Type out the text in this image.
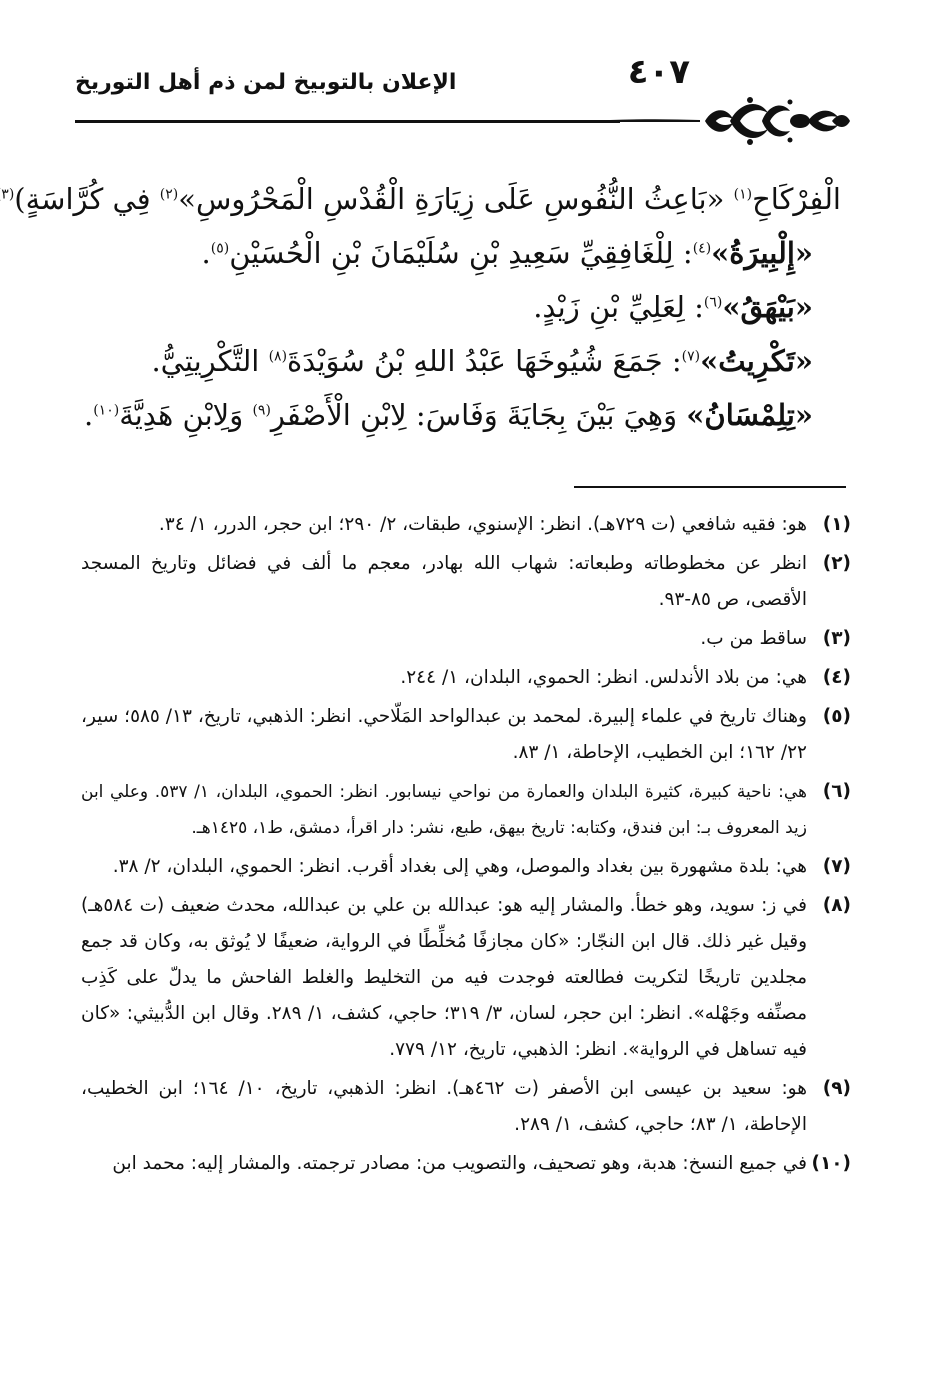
٤٠٧
الإعلان بالتوبيخ لمن ذم أهل التوريخ
الْفِرْكَاحِ$^{(١)}$ «بَاعِثُ النُّفُوسِ عَلَى زِيَارَةِ الْقُدْسِ الْمَحْرُوسِ»$^{(٢)}$ فِي كُرَّاسَةٍ)$^{(٣}$
«إِلْبِيرَةُ»$^{(٤)}$: لِلْغَافِقِيِّ سَعِيدِ بْنِ سُلَيْمَانَ بْنِ الْحُسَيْنِ$^{(٥)}$.
«بَيْهَقُ»$^{(٦)}$: لِعَلِيِّ بْنِ زَيْدٍ.
«تَكْرِيتُ»$^{(٧)}$: جَمَعَ شُيُوخَهَا عَبْدُ اللهِ بْنُ سُوَيْدَةَ$^{(٨)}$ التَّكْرِيتِيُّ.
«تِلِمْسَانُ» وَهِيَ بَيْنَ بِجَايَةَ وَفَاسَ: لِابْنِ الْأَصْفَرِ$^{(٩)}$ وَلِابْنِ هَدِيَّةَ$^{(١٠)}$.
(١)
هو: فقيه شافعي (ت ٧٢٩هـ). انظر: الإسنوي، طبقات، ٢/ ٢٩٠؛ ابن حجر، الدرر، ١/ ٣٤.
(٢)
انظر عن مخطوطاته وطبعاته: شهاب الله بهادر، معجم ما ألف في فضائل وتاريخ المسجد الأقصى، ص ٨٥-٩٣.
(٣)
ساقط من ب.
(٤)
هي: من بلاد الأندلس. انظر: الحموي، البلدان، ١/ ٢٤٤.
(٥)
وهناك تاريخ في علماء إلبيرة. لمحمد بن عبدالواحد المَلّاحي. انظر: الذهبي، تاريخ، ١٣/ ٥٨٥؛ سير، ٢٢/ ١٦٢؛ ابن الخطيب، الإحاطة، ١/ ٨٣.
(٦)
هي: ناحية كبيرة، كثيرة البلدان والعمارة من نواحي نيسابور. انظر: الحموي، البلدان، ١/ ٥٣٧. وعلي ابن زيد المعروف بـ: ابن فندق، وكتابه: تاريخ بيهق، طبع، نشر: دار اقرأ، دمشق، ط١، ١٤٢٥هـ.
(٧)
هي: بلدة مشهورة بين بغداد والموصل، وهي إلى بغداد أقرب. انظر: الحموي، البلدان، ٢/ ٣٨.
(٨)
في ز: سويد، وهو خطأ. والمشار إليه هو: عبدالله بن علي بن عبدالله، محدث ضعيف (ت ٥٨٤هـ) وقيل غير ذلك. قال ابن النجّار: «كان مجازفًا مُخلِّطًا في الرواية، ضعيفًا لا يُوثق به، وكان قد جمع مجلدين تاريخًا لتكريت فطالعته فوجدت فيه من التخليط والغلط الفاحش ما يدلّ على كَذِب مصنِّفه وجَهْله». انظر: ابن حجر، لسان، ٣/ ٣١٩؛ حاجي، كشف، ١/ ٢٨٩. وقال ابن الدُّبيثي: «كان فيه تساهل في الرواية». انظر: الذهبي، تاريخ، ١٢/ ٧٧٩.
(٩)
هو: سعيد بن عيسى ابن الأصفر (ت ٤٦٢هـ). انظر: الذهبي، تاريخ، ١٠/ ١٦٤؛ ابن الخطيب، الإحاطة، ١/ ٨٣؛ حاجي، كشف، ١/ ٢٨٩.
(١٠)
في جميع النسخ: هدبة، وهو تصحيف، والتصويب من: مصادر ترجمته. والمشار إليه: محمد ابن
